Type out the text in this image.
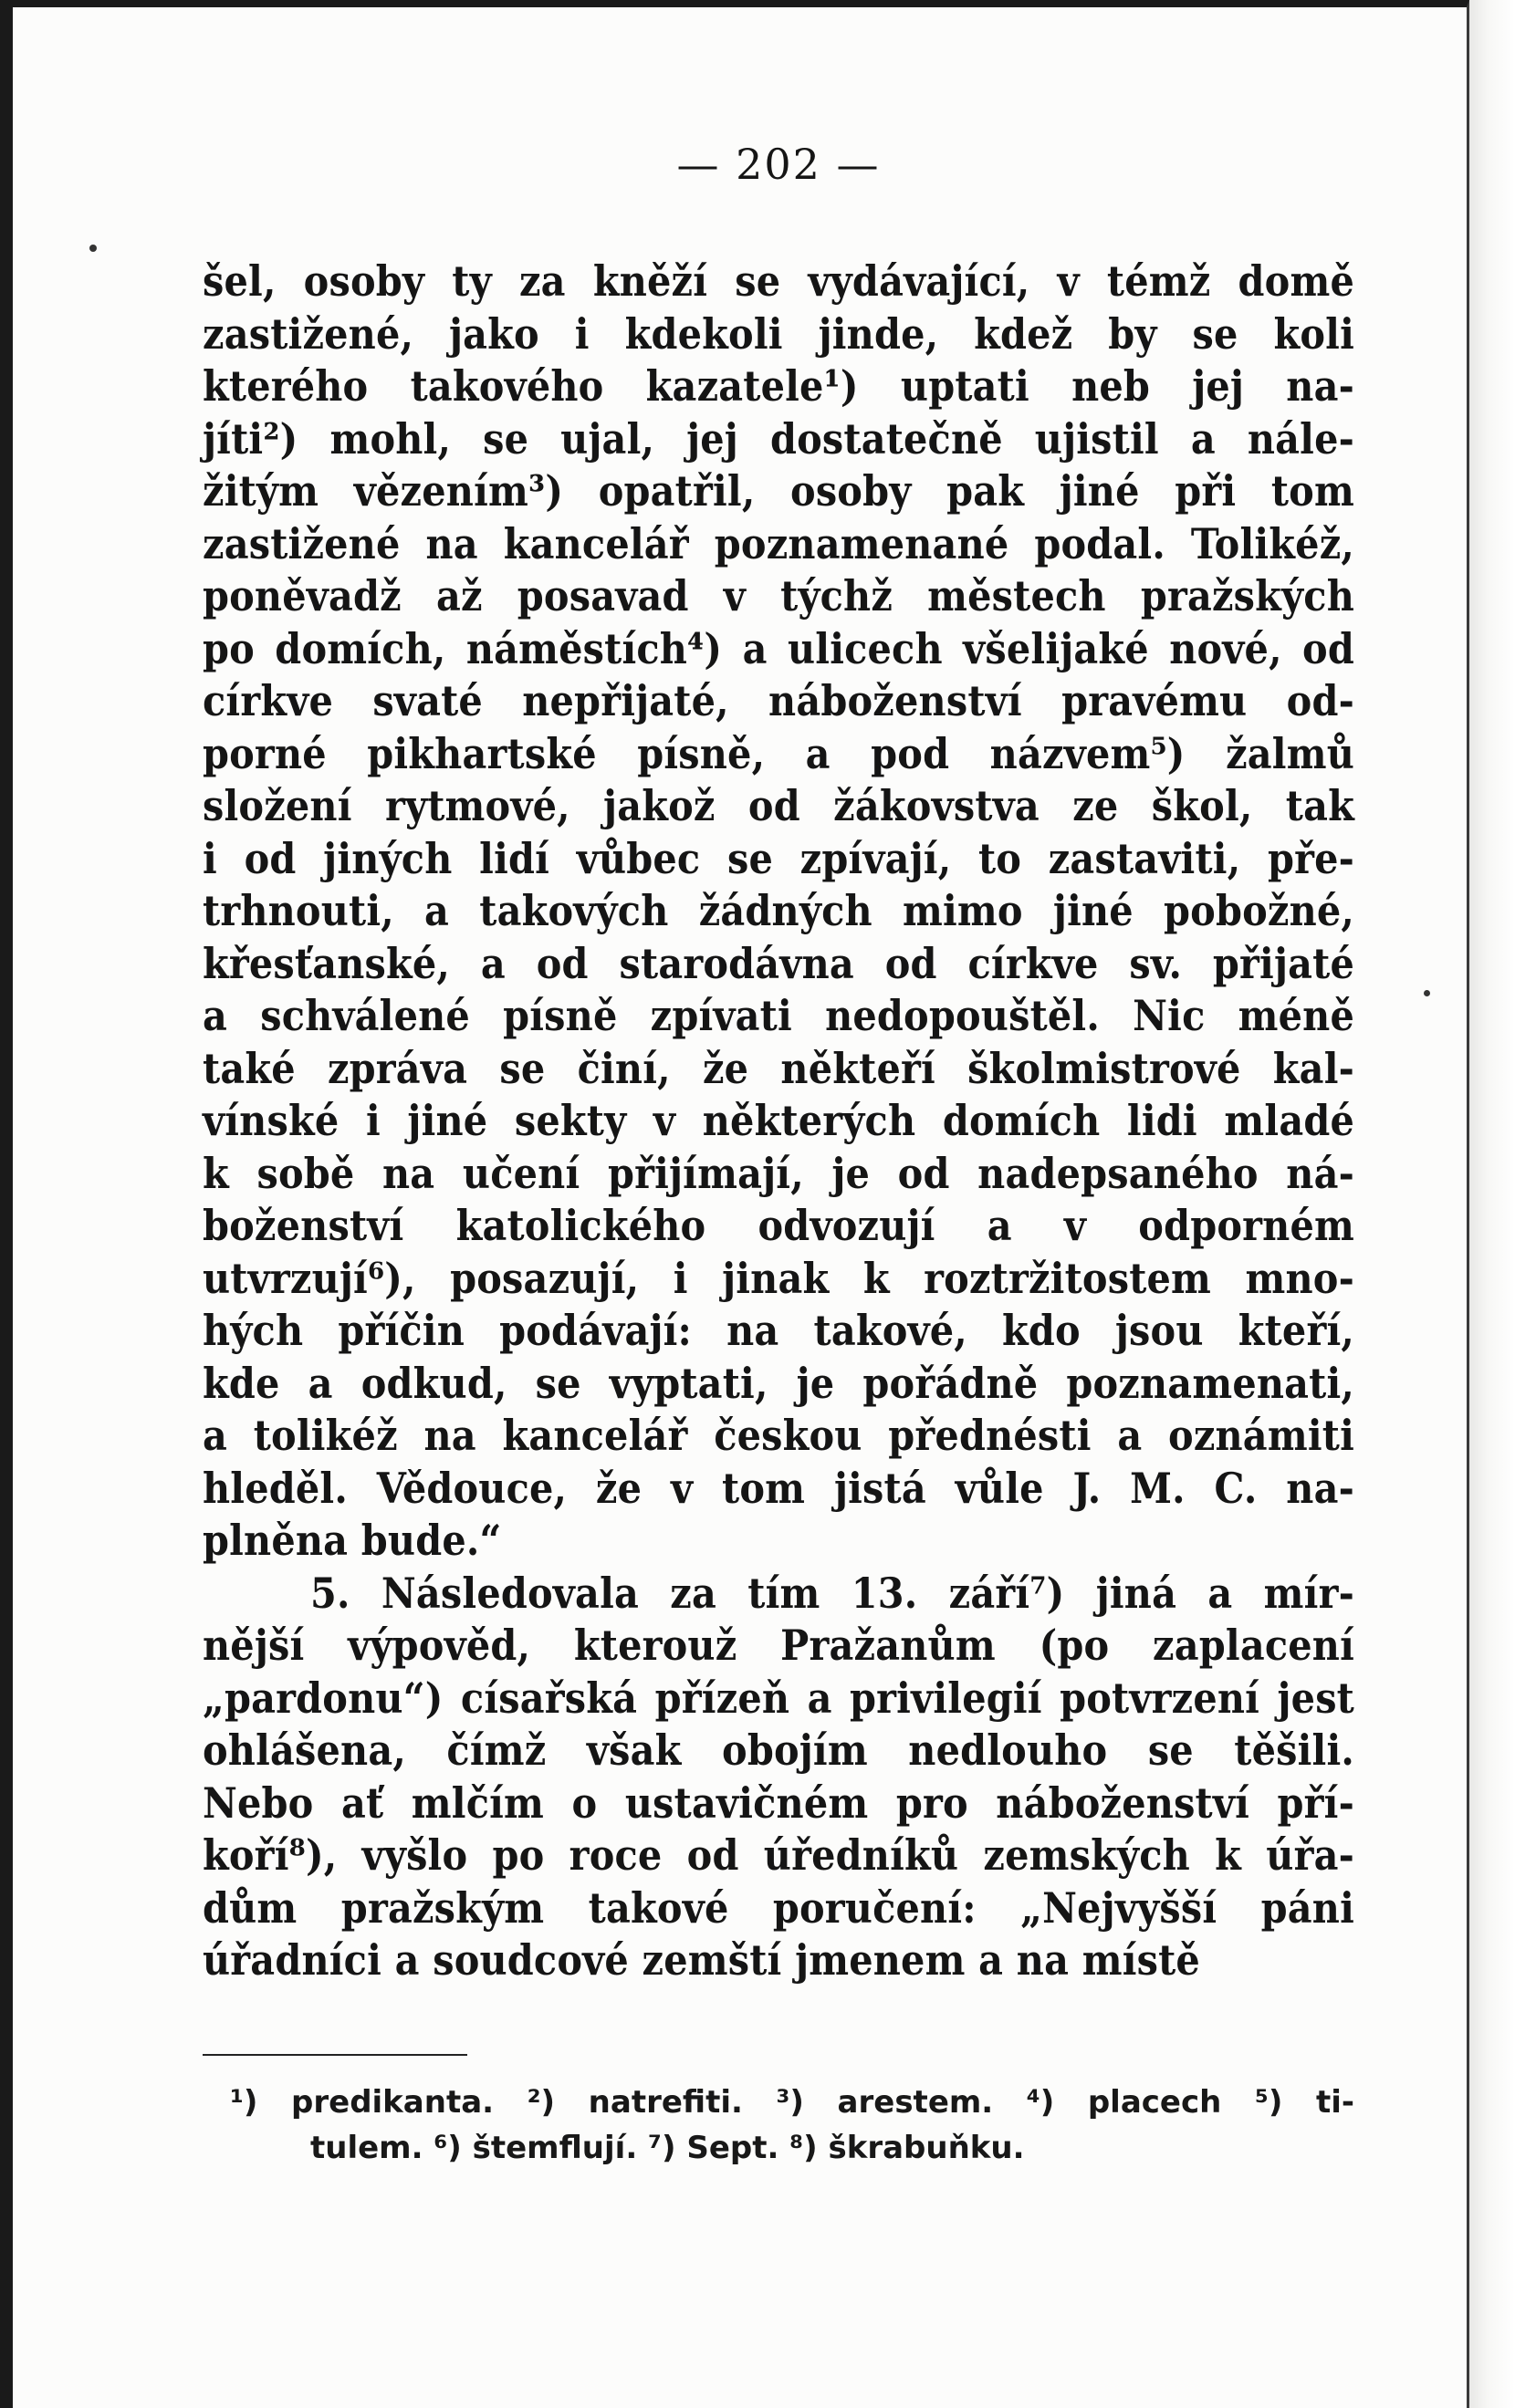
— 202 —
šel, osoby ty za kněží se vydávající, v témž domě
zastižené, jako i kdekoli jinde, kdež by se koli
kterého takového kazatele¹) uptati neb jej na-
jíti²) mohl, se ujal, jej dostatečně ujistil a nále-
žitým vězením³) opatřil, osoby pak jiné při tom
zastižené na kancelář poznamenané podal. Tolikéž,
poněvadž až posavad v týchž městech pražských
po domích, náměstích⁴) a ulicech všelijaké nové, od
církve svaté nepřijaté, náboženství pravému od-
porné pikhartské písně, a pod názvem⁵) žalmů
složení rytmové, jakož od žákovstva ze škol, tak
i od jiných lidí vůbec se zpívají, to zastaviti, pře-
trhnouti, a takových žádných mimo jiné pobožné,
křesťanské, a od starodávna od církve sv. přijaté
a schválené písně zpívati nedopouštěl. Nic méně
také zpráva se činí, že někteří školmistrové kal-
vínské i jiné sekty v některých domích lidi mladé
k sobě na učení přijímají, je od nadepsaného ná-
boženství katolického odvozují a v odporném
utvrzují⁶), posazují, i jinak k roztržitostem mno-
hých příčin podávají: na takové, kdo jsou kteří,
kde a odkud, se vyptati, je pořádně poznamenati,
a tolikéž na kancelář českou přednésti a oznámiti
hleděl. Vědouce, že v tom jistá vůle J. M. C. na-
plněna bude.“
5. Následovala za tím 13. září⁷) jiná a mír-
nější výpověd, kterouž Pražanům (po zaplacení
„pardonu“) císařská přízeň a privilegií potvrzení jest
ohlášena, čímž však obojím nedlouho se těšili.
Nebo ať mlčím o ustavičném pro náboženství pří-
koří⁸), vyšlo po roce od úředníků zemských k úřa-
dům pražským takové poručení: „Nejvyšší páni
úřadníci a soudcové zemští jmenem a na místě
¹) predikanta. ²) natrefiti. ³) arestem. ⁴) placech ⁵) ti-
tulem. ⁶) štemflují. ⁷) Sept. ⁸) škrabuňku.
